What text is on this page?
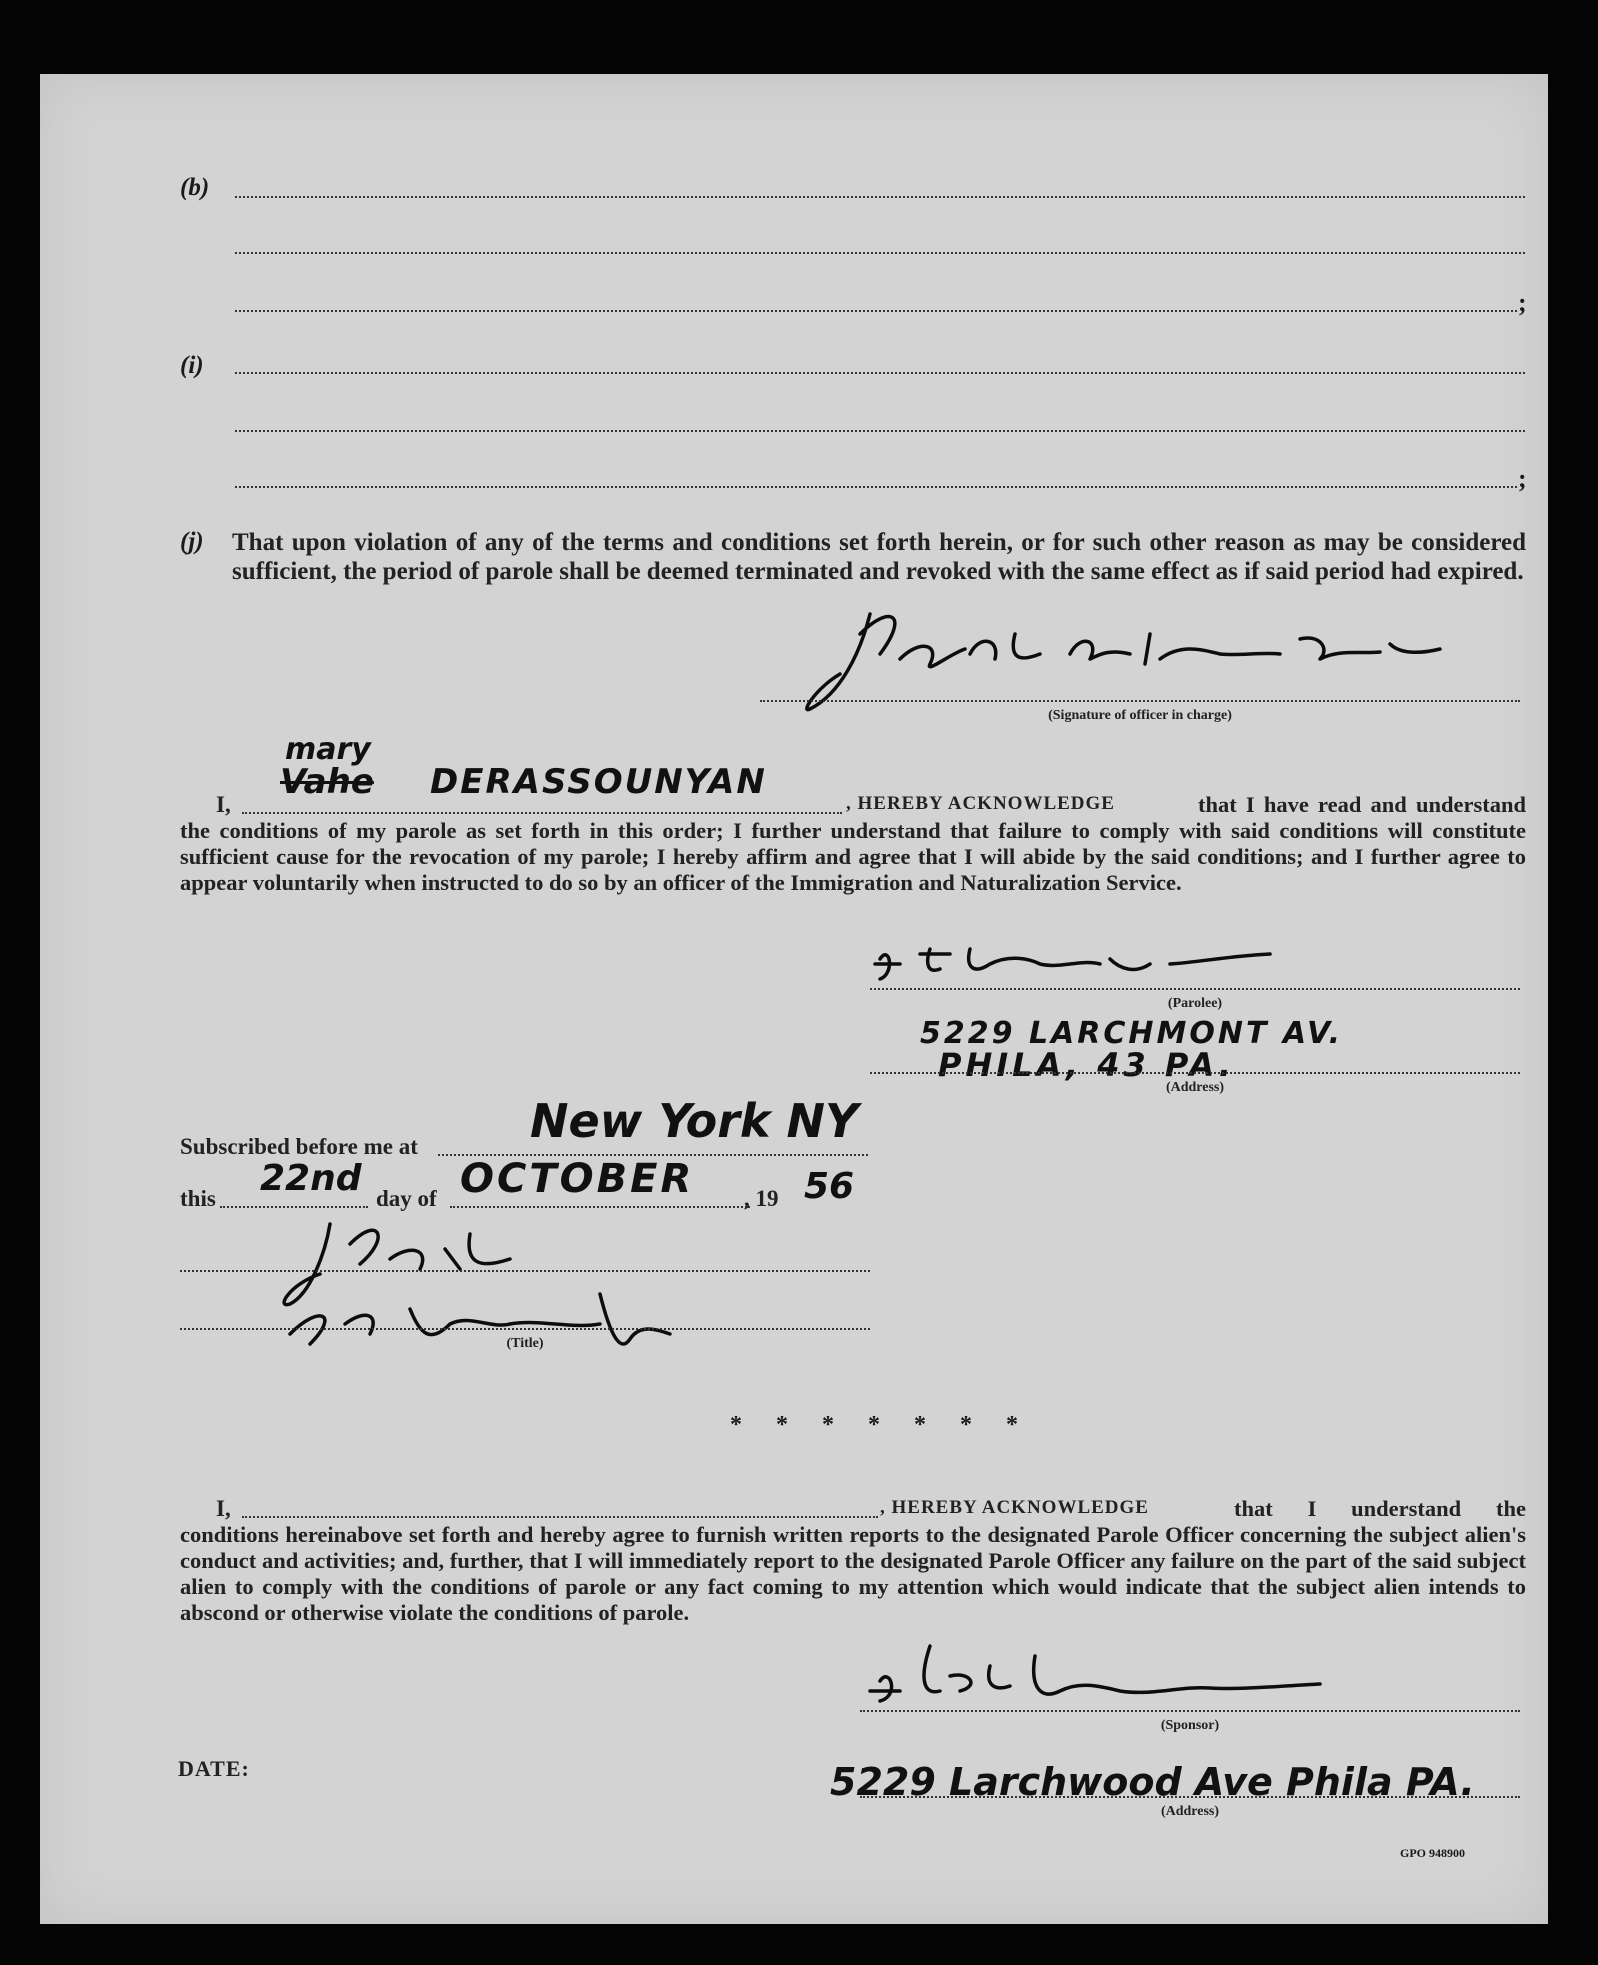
(b)
;
(i)
;
(j) That upon violation of any of the terms and conditions set forth herein, or for such other reason as may be considered sufficient, the period of parole shall be deemed terminated and revoked with the same effect as if said period had expired.
(Signature of officer in charge)
mary
I,
Vahe DERASSOUNYAN
, HEREBY ACKNOWLEDGE	that I have read and understand the conditions of my parole as set forth in this order; I further understand that failure to comply with said conditions will constitute sufficient cause for the revocation of my parole; I hereby affirm and agree that I will abide by the said conditions; and I further agree to appear voluntarily when instructed to do so by an officer of the Immigration and Naturalization Service.
(Parolee)
5229 LARCHMONT AV.
PHILA, 43 PA.
(Address)
Subscribed before me at New York NY
this 22nd day of OCTOBER , 19 56
(Title)
* * * * * * *
I,	, HEREBY ACKNOWLEDGE	that I understand the conditions hereinabove set forth and hereby agree to furnish written reports to the designated Parole Officer concerning the subject alien's conduct and activities; and, further, that I will immediately report to the designated Parole Officer any failure on the part of the said subject alien to comply with the conditions of parole or any fact coming to my attention which would indicate that the subject alien intends to abscond or otherwise violate the conditions of parole.
(Sponsor)
DATE:	5229 Larchwood Ave Phila PA.
(Address)
GPO 948900
